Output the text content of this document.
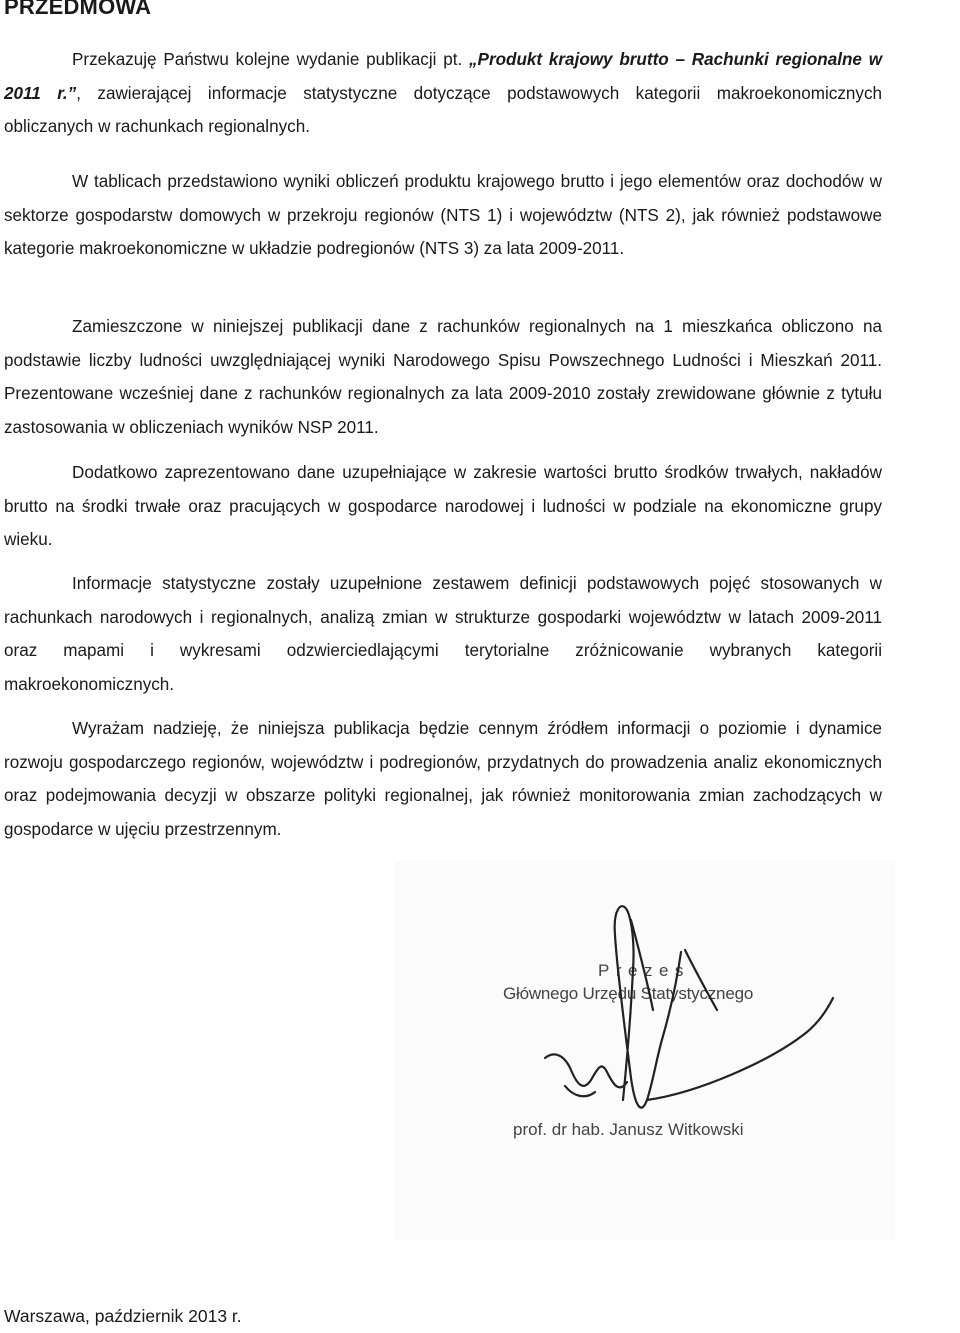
PRZEDMOWA

Przekazuję Państwu kolejne wydanie publikacji pt. „Produkt krajowy brutto – Rachunki regionalne w 2011 r.”, zawierającej informacje statystyczne dotyczące podstawowych kategorii makroekonomicznych obliczanych w rachunkach regionalnych.

W tablicach przedstawiono wyniki obliczeń produktu krajowego brutto i jego elementów oraz dochodów w sektorze gospodarstw domowych w przekroju regionów (NTS 1) i województw (NTS 2), jak również podstawowe kategorie makroekonomiczne w układzie podregionów (NTS 3) za lata 2009-2011.

Zamieszczone w niniejszej publikacji dane z rachunków regionalnych na 1 mieszkańca obliczono na podstawie liczby ludności uwzględniającej wyniki Narodowego Spisu Powszechnego Ludności i Mieszkań 2011. Prezentowane wcześniej dane z rachunków regionalnych za lata 2009-2010 zostały zrewidowane głównie z tytułu zastosowania w obliczeniach wyników NSP 2011.

Dodatkowo zaprezentowano dane uzupełniające w zakresie wartości brutto środków trwałych, nakładów brutto na środki trwałe oraz pracujących w gospodarce narodowej i ludności w podziale na ekonomiczne grupy wieku.

Informacje statystyczne zostały uzupełnione zestawem definicji podstawowych pojęć stosowanych w rachunkach narodowych i regionalnych, analizą zmian w strukturze gospodarki województw w latach 2009-2011 oraz mapami i wykresami odzwierciedlającymi terytorialne zróżnicowanie wybranych kategorii makroekonomicznych.

Wyrażam nadzieję, że niniejsza publikacja będzie cennym źródłem informacji o poziomie i dynamice rozwoju gospodarczego regionów, województw i podregionów, przydatnych do prowadzenia analiz ekonomicznych oraz podejmowania decyzji w obszarze polityki regionalnej, jak również monitorowania zmian zachodzących w gospodarce w ujęciu przestrzennym.

Prezes

Głównego Urzędu Statystycznego

prof. dr hab. Janusz Witkowski

Warszawa, październik 2013 r.
